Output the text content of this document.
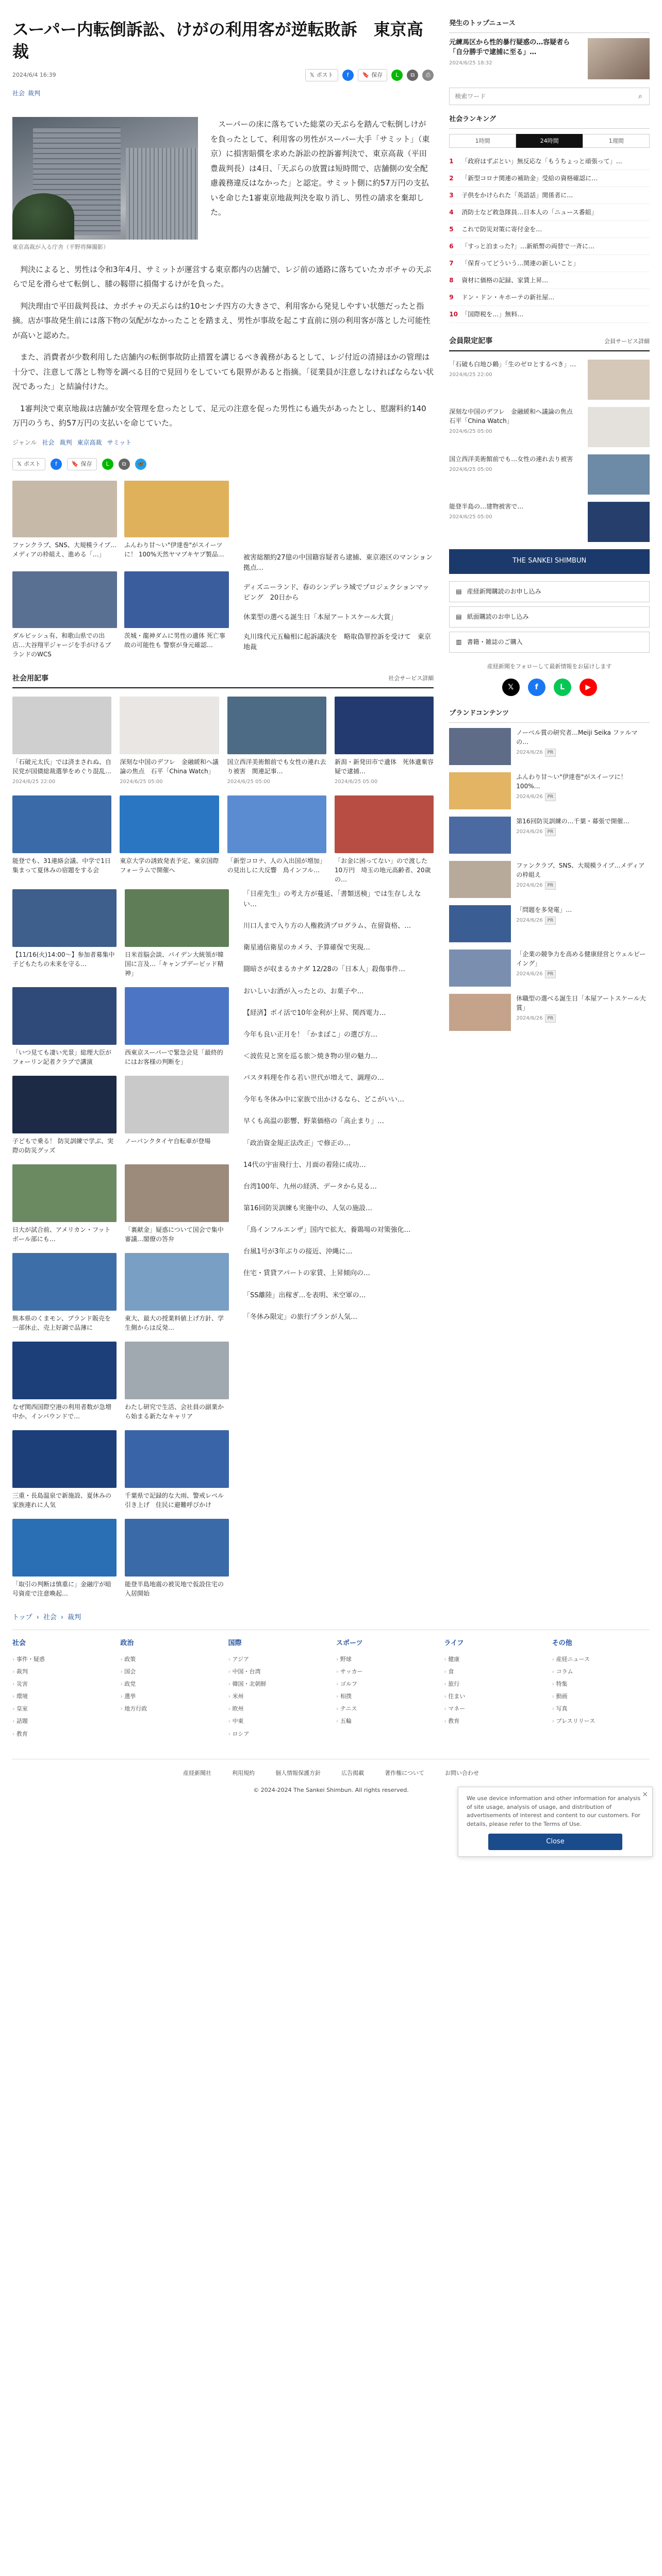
スーパー内転倒訴訟、けがの利用客が逆転敗訴　東京高裁
2024/6/4 16:39	𝕏 ポスト	f	🔖 保存	L	⧉	⎙
社会 裁判
東京高裁が入る庁舎（平野将輝撮影）

スーパーの床に落ちていた総菜の天ぷらを踏んで転倒しけがを負ったとして、利用客の男性がスーパー大手「サミット」（東京）に損害賠償を求めた訴訟の控訴審判決で、東京高裁（平田豊裁判長）は4日、「天ぷらの放置は短時間で、店舗側の安全配慮義務違反はなかった」と認定。サミット側に約57万円の支払いを命じた1審東京地裁判決を取り消し、男性の請求を棄却した。

判決によると、男性は令和3年4月、サミットが運営する東京都内の店舗で、レジ前の通路に落ちていたカボチャの天ぷらで足を滑らせて転倒し、膝の靱帯に損傷するけがを負った。

判決理由で平田裁判長は、カボチャの天ぷらは約10センチ四方の大きさで、利用客から発見しやすい状態だったと指摘。店が事故発生前には落下物の気配がなかったことを踏まえ、男性が事故を起こす直前に別の利用客が落とした可能性が高いと認めた。

また、消費者が少数利用した店舗内の転倒事故防止措置を講じるべき義務があるとして、レジ付近の清掃ほかの管理は十分で、注意して落とし物等を調べる目的で見回りをしていても限界があると指摘。「従業員が注意しなければならない状況であった」と結論付けた。

1審判決で東京地裁は店舗が安全管理を怠ったとして、足元の注意を促った男性にも過失があったとし、慰謝料約140万円のうち、約57万円の支払いを命じていた。

ジャンル 社会 裁判 東京高裁 サミット
𝕏 ポスト	f	🔖 保存	L	⧉	🦋
ファンクラブ、SNS、大規模ライブ…メディアの枠組え、進める「…」
ふんわり甘～い"伊達巻"がスイーツに！ 100%天然ヤマブキヤブ製品…
ダルビッシュ有、和歌山県での出店…大谷翔平ジャージを手がけるブランドのWCS
茨城・龍神ダムに男性の遺体 死亡事故の可能性も 警察が身元確認…
被害総額約27億の中国籍容疑者ら逮捕、東京港区のマンション拠点…
ディズニーランド、春のシンデレラ城でプロジェクションマッピング　20日から
休業型の選べる誕生日「本屋アートスケール大賞」
丸川珠代元五輪相に起訴議決を　略取偽罪控訴を受けて　東京地裁
社会用記事	社会サービス詳細
「石破元太氏」では済まされぬ、自民党が国債総裁選挙をめぐり混乱…
2024/6/25 22:00
深刻な中国のデフレ　金融緩和へ議論の焦点　石平「China Watch」
2024/6/25 05:00
国立西洋美術館前でも女性の連れ去り被害　関連記事…
2024/6/25 05:00
新潟・新発田市で遺体　死体遺棄容疑で逮捕…
2024/6/25 05:00
能登でも、31連絡会議、中学で1日集まって夏休みの宿題をする会
東京大学の誘致発表予定、東京国際フォーラムで開催へ
「新型コロナ、人の入出国が増加」の見出しに大反響　鳥インフル…
「お金に困ってない」ので渡した10万円　埼玉の地元高齢者、20歳の…
【11/16(火)14:00～】参加者募集中 子どもたちの未来を守る…
日米首脳会談、バイデン大統領が韓国に言及…「キャンプデービッド精神」
「いつ見ても凄い光景」総理大臣がフォーリン記者クラブで講演
西東京スーパーで緊急会見「最終的にはお客様の判断を」
子どもで乗る！ 防災訓練で学ぶ、実際の防災グッズ
ノーパンクタイヤ自転車が登場
日大が試合前、アメリカン・フットボール部にも…
「裏献金」疑惑について国会で集中審議…閣僚の答弁
熊本県のくまモン、ブランド販売を一部休止、売上好調で品薄に
東大、最大の授業料値上げ方針、学生側からは反発…
なぜ関西国際空港の利用者数が急増中か、インバウンドで…
わたし研究で生活、会社員の副業から始まる新たなキャリア
三重・長島温泉で新施設、夏休みの家族連れに人気
千葉県で記録的な大雨、警戒レベル引き上げ　住民に避難呼びかけ
「取引の判断は慎重に」金融庁が暗号資産で注意喚起…
能登半島地震の被災地で仮設住宅の入居開始
「日産先生」の考え方が蔓延、「書類送検」では生存しえない…
川口人まで入り方の人権救済プログラム、在留資格、…
衛星通信衛星のカメラ、予算確保で実現…
闘暗さが収まるカナダ 12/28の「日本人」殺傷事件…
おいしいお酒が入ったとの、お菓子や…
【経済】ポイ活で10年金利が上昇、関西電力…
今年も良い正月を！「かまぼこ」の選び方…
＜波佐見と窯を巡る旅＞焼き物の里の魅力…
パスタ料理を作る若い世代が増えて、調理の…
今年も冬休み中に家族で出かけるなら、どこがいい…
早くも高温の影響、野菜価格の「高止まり」…
「政治資金規正法改正」で修正の…
14代の宇宙飛行士、月面の着陸に成功…
台湾100年、九州の経済、データから見る…
第16回防災訓練も実施中の、人気の施設…
「鳥インフルエンザ」国内で拡大、養鶏場の対策強化…
台風1号が3年ぶりの接近、沖縄に…
住宅・賃貸アパートの家賃、上昇傾向の…
「SS離陸」出稼ぎ…を表明、米空軍の…
「冬休み限定」の旅行プランが人気…
発生のトップニュース
元練馬区から性的暴行疑惑の…容疑者ら「自分勝手で逮捕に至る」…
2024/6/25 18:32
検索ワード
⌕
社会ランキング
1時間	24時間	1週間
1	「政府はずぶとい」無反応な「もうちょっと頑張って」…
2	「新型コロナ関連の補助金」受給の資格確認に…
3	子供をかけられた「英語話」関係者に…
4	消防士など救急隊員…日本人の「ニュース番組」
5	これで防災対策に寄付金を…
6	「すっと泊まった?」…新紙幣の両替で一斉に…
7	「保育ってどういう…関連の新しいこと」
8	資材に価格の記録、家賃上昇…
9	ドン・ドン・キホーテの新社屋…
10 「国際税を…」無料…
会員限定記事	会員サービス詳細
「石破も白地ひ鶴」「生のゼロとするべき」…
2024/6/25 22:00
深刻な中国のデフレ　金融緩和へ議論の焦点　石平「China Watch」
2024/6/25 05:00
国立西洋美術館前でも…女性の連れ去り被害
2024/6/25 05:00
能登半島の…建物被害で…
2024/6/25 05:00
THE SANKEI SHIMBUN
▤ 産経新聞購読のお申し込み
▤ 紙面購読のお申し込み
▥ 書籍・雑誌のご購入
産経新聞をフォローして最新情報をお届けします
𝕏	f	L	▶
プランドコンテンツ
ノーベル賞の研究者…Meiji Seika ファルマの…
2024/6/26 PR
ふんわり甘～い"伊達巻"がスイーツに！ 100%…
2024/6/26 PR
第16回防災訓練の…千葉・幕張で開催…
2024/6/26 PR
ファンクラブ、SNS、大規模ライブ…メディアの枠組え
2024/6/26 PR
「問題を多発電」…
2024/6/26 PR
「企業の競争力を高める健康経営とウェルビーイング」
2024/6/26 PR
休職型の選べる誕生日「本屋アートスケール大賞」
2024/6/26 PR
トップ › 社会 › 裁判
社会
› 事件・疑惑
› 裁判
› 災害
› 環境
› 皇室
› 話題
› 教育
政治
› 政策
› 国会
› 政党
› 選挙
› 地方行政
国際
› アジア
› 中国・台湾
› 韓国・北朝鮮
› 米州
› 欧州
› 中東
› ロシア
スポーツ
› 野球
› サッカー
› ゴルフ
› 相撲
› テニス
› 五輪
ライフ
› 健康
› 食
› 旅行
› 住まい
› マネー
› 教育
その他
› 産経ニュース
› コラム
› 特集
› 動画
› 写真
› プレスリリース
産経新聞社	利用規約	個人情報保護方針	広告掲載	著作権について	お問い合わせ
© 2024-2024 The Sankei Shimbun. All rights reserved.
×
We use device information and other information for analysis of site usage, analysis of usage, and distribution of advertisements of interest and content to our customers. For details, please refer to the Terms of Use.
Close
